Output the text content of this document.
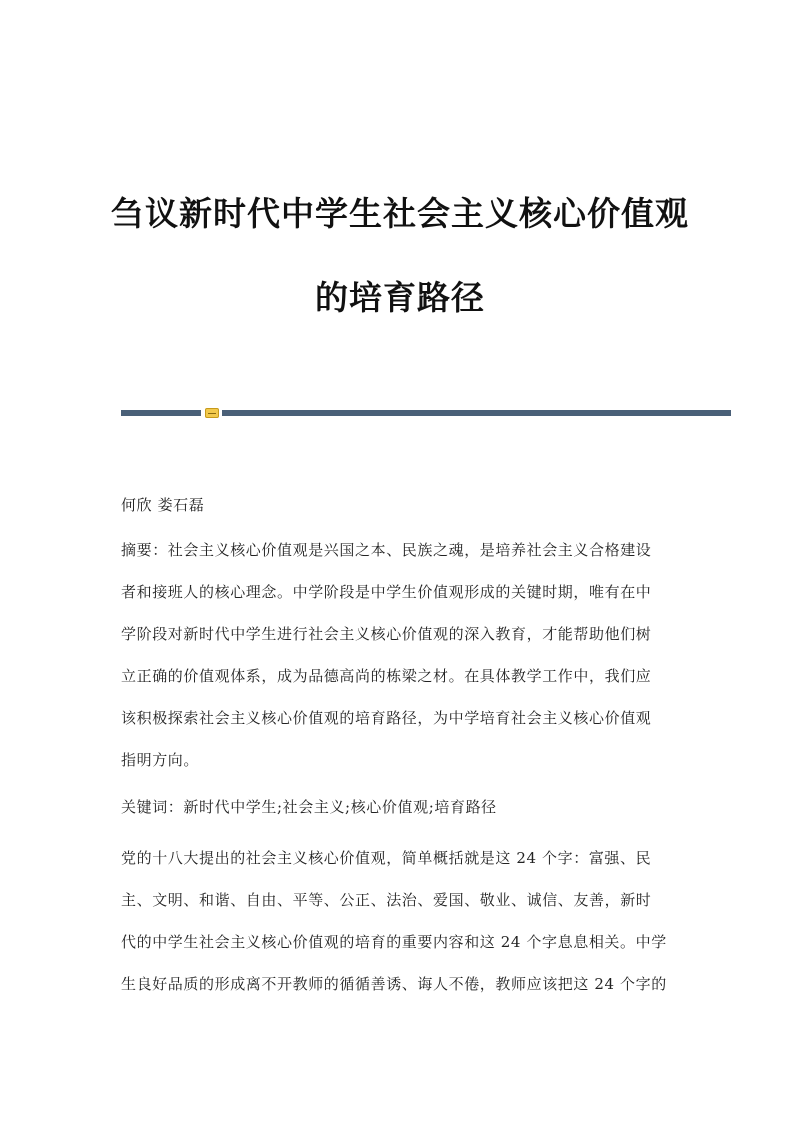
刍议新时代中学生社会主义核心价值观
的培育路径
何欣 娄石磊
摘要：社会主义核心价值观是兴国之本、民族之魂，是培养社会主义合格建设
者和接班人的核心理念。中学阶段是中学生价值观形成的关键时期，唯有在中
学阶段对新时代中学生进行社会主义核心价值观的深入教育，才能帮助他们树
立正确的价值观体系，成为品德高尚的栋梁之材。在具体教学工作中，我们应
该积极探索社会主义核心价值观的培育路径，为中学培育社会主义核心价值观
指明方向。
关键词：新时代中学生;社会主义;核心价值观;培育路径
党的十八大提出的社会主义核心价值观，简单概括就是这 24 个字：富强、民
主、文明、和谐、自由、平等、公正、法治、爱国、敬业、诚信、友善，新时
代的中学生社会主义核心价值观的培育的重要内容和这 24 个字息息相关。中学
生良好品质的形成离不开教师的循循善诱、诲人不倦，教师应该把这 24 个字的
